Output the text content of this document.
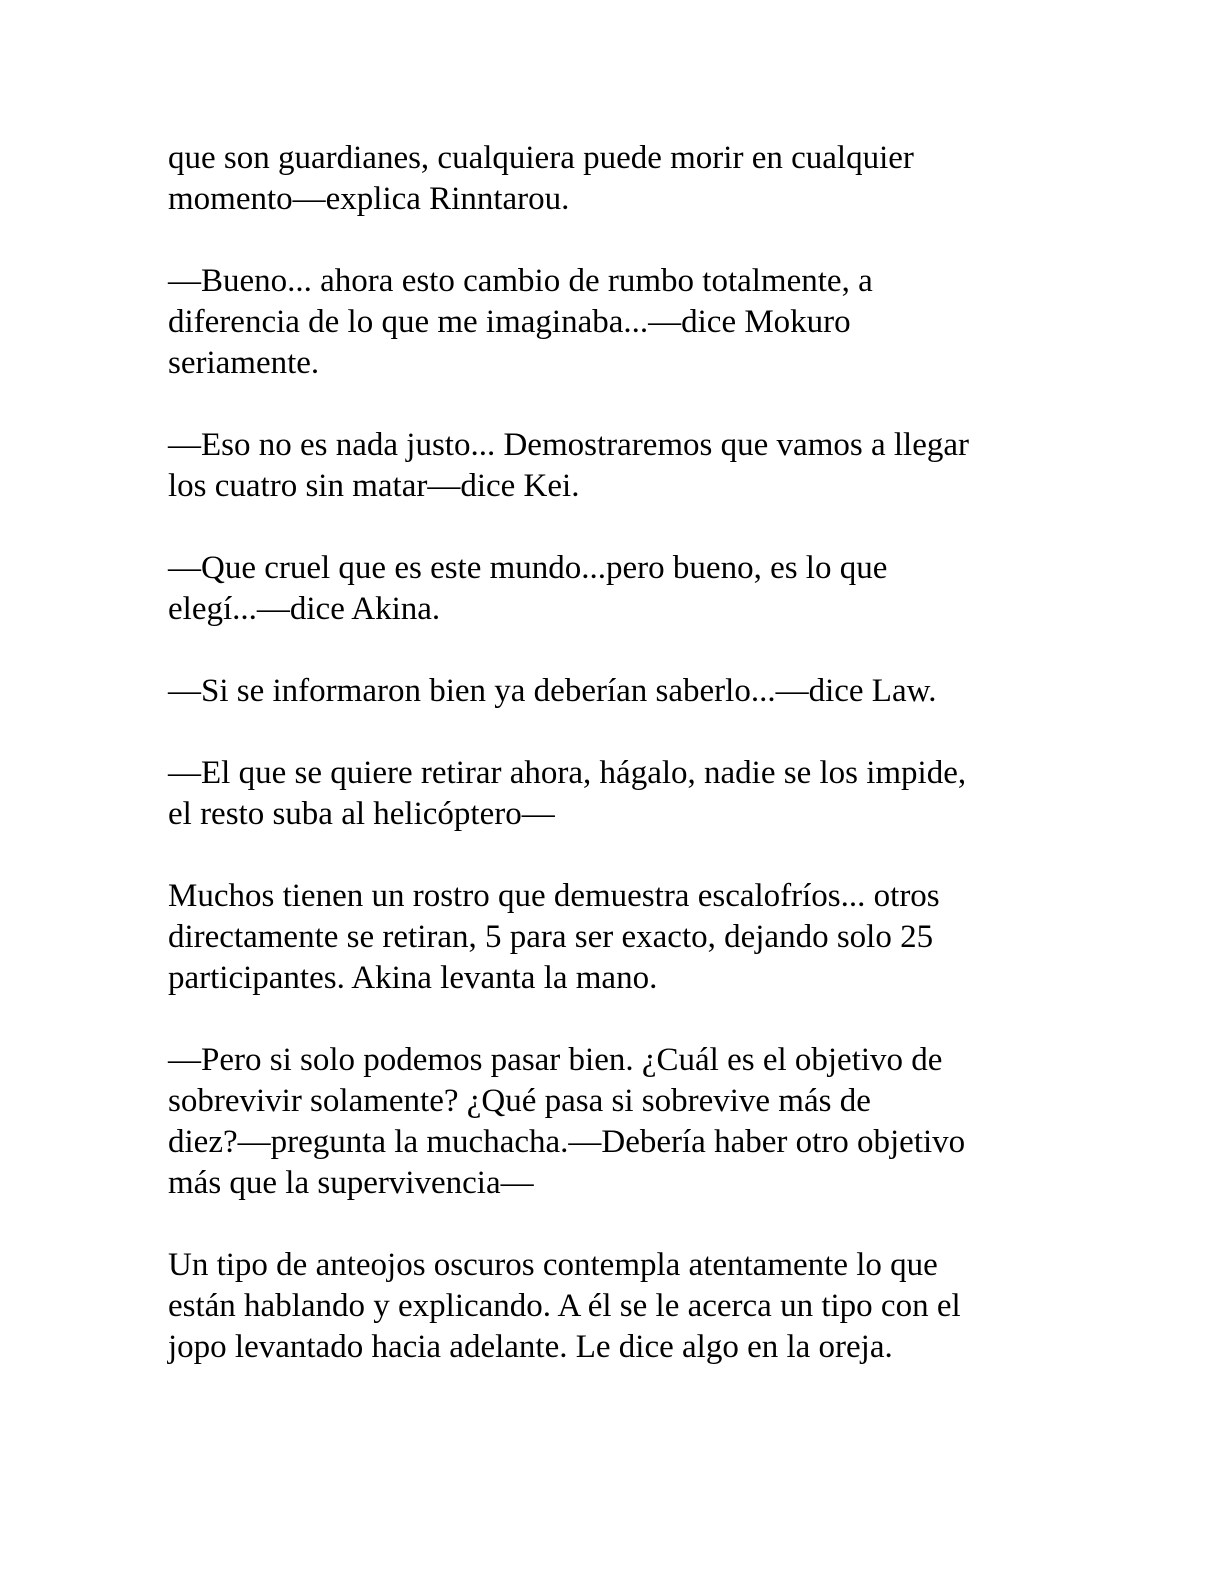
que son guardianes, cualquiera puede morir en cualquier
momento—explica Rinntarou.

—Bueno... ahora esto cambio de rumbo totalmente, a
diferencia de lo que me imaginaba...—dice Mokuro
seriamente.

—Eso no es nada justo... Demostraremos que vamos a llegar
los cuatro sin matar—dice Kei.

—Que cruel que es este mundo...pero bueno, es lo que
elegí...—dice Akina.

—Si se informaron bien ya deberían saberlo...—dice Law.

—El que se quiere retirar ahora, hágalo, nadie se los impide,
el resto suba al helicóptero—

Muchos tienen un rostro que demuestra escalofríos... otros
directamente se retiran, 5 para ser exacto, dejando solo 25
participantes. Akina levanta la mano.

—Pero si solo podemos pasar bien. ¿Cuál es el objetivo de
sobrevivir solamente? ¿Qué pasa si sobrevive más de
diez?—pregunta la muchacha.—Debería haber otro objetivo
más que la supervivencia—

Un tipo de anteojos oscuros contempla atentamente lo que
están hablando y explicando. A él se le acerca un tipo con el
jopo levantado hacia adelante. Le dice algo en la oreja.
